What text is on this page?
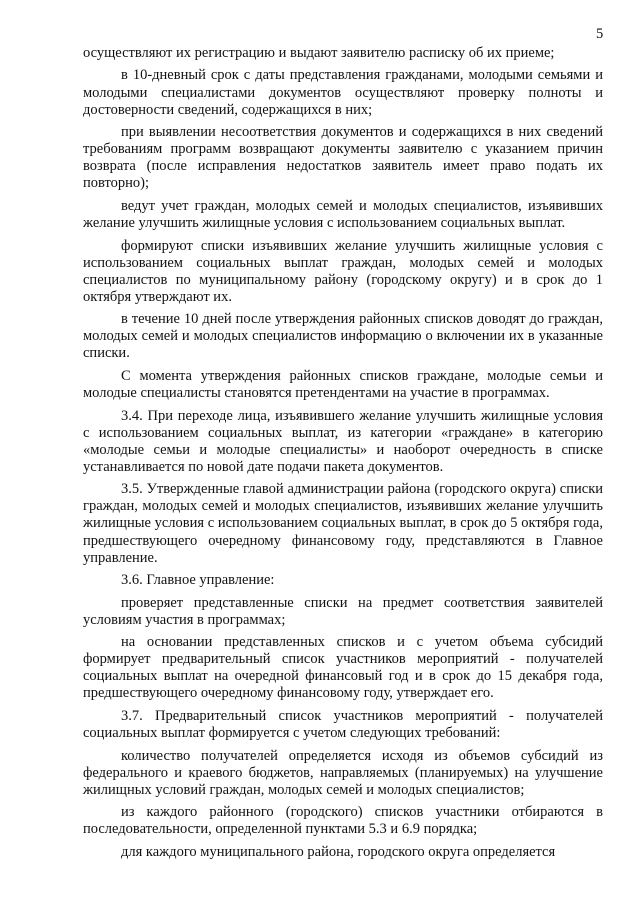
5

осуществляют их регистрацию и выдают заявителю расписку об их приеме;

в 10-дневный срок с даты представления гражданами, молодыми семьями и молодыми специалистами документов осуществляют проверку полноты и достоверности сведений, содержащихся в них;

при выявлении несоответствия документов и содержащихся в них сведений требованиям программ возвращают документы заявителю с указанием причин возврата (после исправления недостатков заявитель имеет право подать их повторно);

ведут учет граждан, молодых семей и молодых специалистов, изъявивших желание улучшить жилищные условия с использованием социальных выплат.

формируют списки изъявивших желание улучшить жилищные условия с использованием социальных выплат граждан, молодых семей и молодых специалистов по муниципальному району (городскому округу) и в срок до 1 октября утверждают их.

в течение 10 дней после утверждения районных списков доводят до граждан, молодых семей и молодых специалистов информацию о включении их в указанные списки.

С момента утверждения районных списков граждане, молодые семьи и молодые специалисты становятся претендентами на участие в программах.

3.4. При переходе лица, изъявившего желание улучшить жилищные условия с использованием социальных выплат, из категории «граждане» в категорию «молодые семьи и молодые специалисты» и наоборот очередность в списке устанавливается по новой дате подачи пакета документов.

3.5. Утвержденные главой администрации района (городского округа) списки граждан, молодых семей и молодых специалистов, изъявивших желание улучшить жилищные условия с использованием социальных выплат, в срок до 5 октября года, предшествующего очередному финансовому году, представляются в Главное управление.

3.6. Главное управление:

проверяет представленные списки на предмет соответствия заявителей условиям участия в программах;

на основании представленных списков и с учетом объема субсидий формирует предварительный список участников мероприятий - получателей социальных выплат на очередной финансовый год и в срок до 15 декабря года, предшествующего очередному финансовому году, утверждает его.

3.7. Предварительный список участников мероприятий - получателей социальных выплат формируется с учетом следующих требований:

количество получателей определяется исходя из объемов субсидий из федерального и краевого бюджетов, направляемых (планируемых) на улучшение жилищных условий граждан, молодых семей и молодых специалистов;

из каждого районного (городского) списков участники отбираются в последовательности, определенной пунктами 5.3 и 6.9 порядка;

для каждого муниципального района, городского округа определяется
